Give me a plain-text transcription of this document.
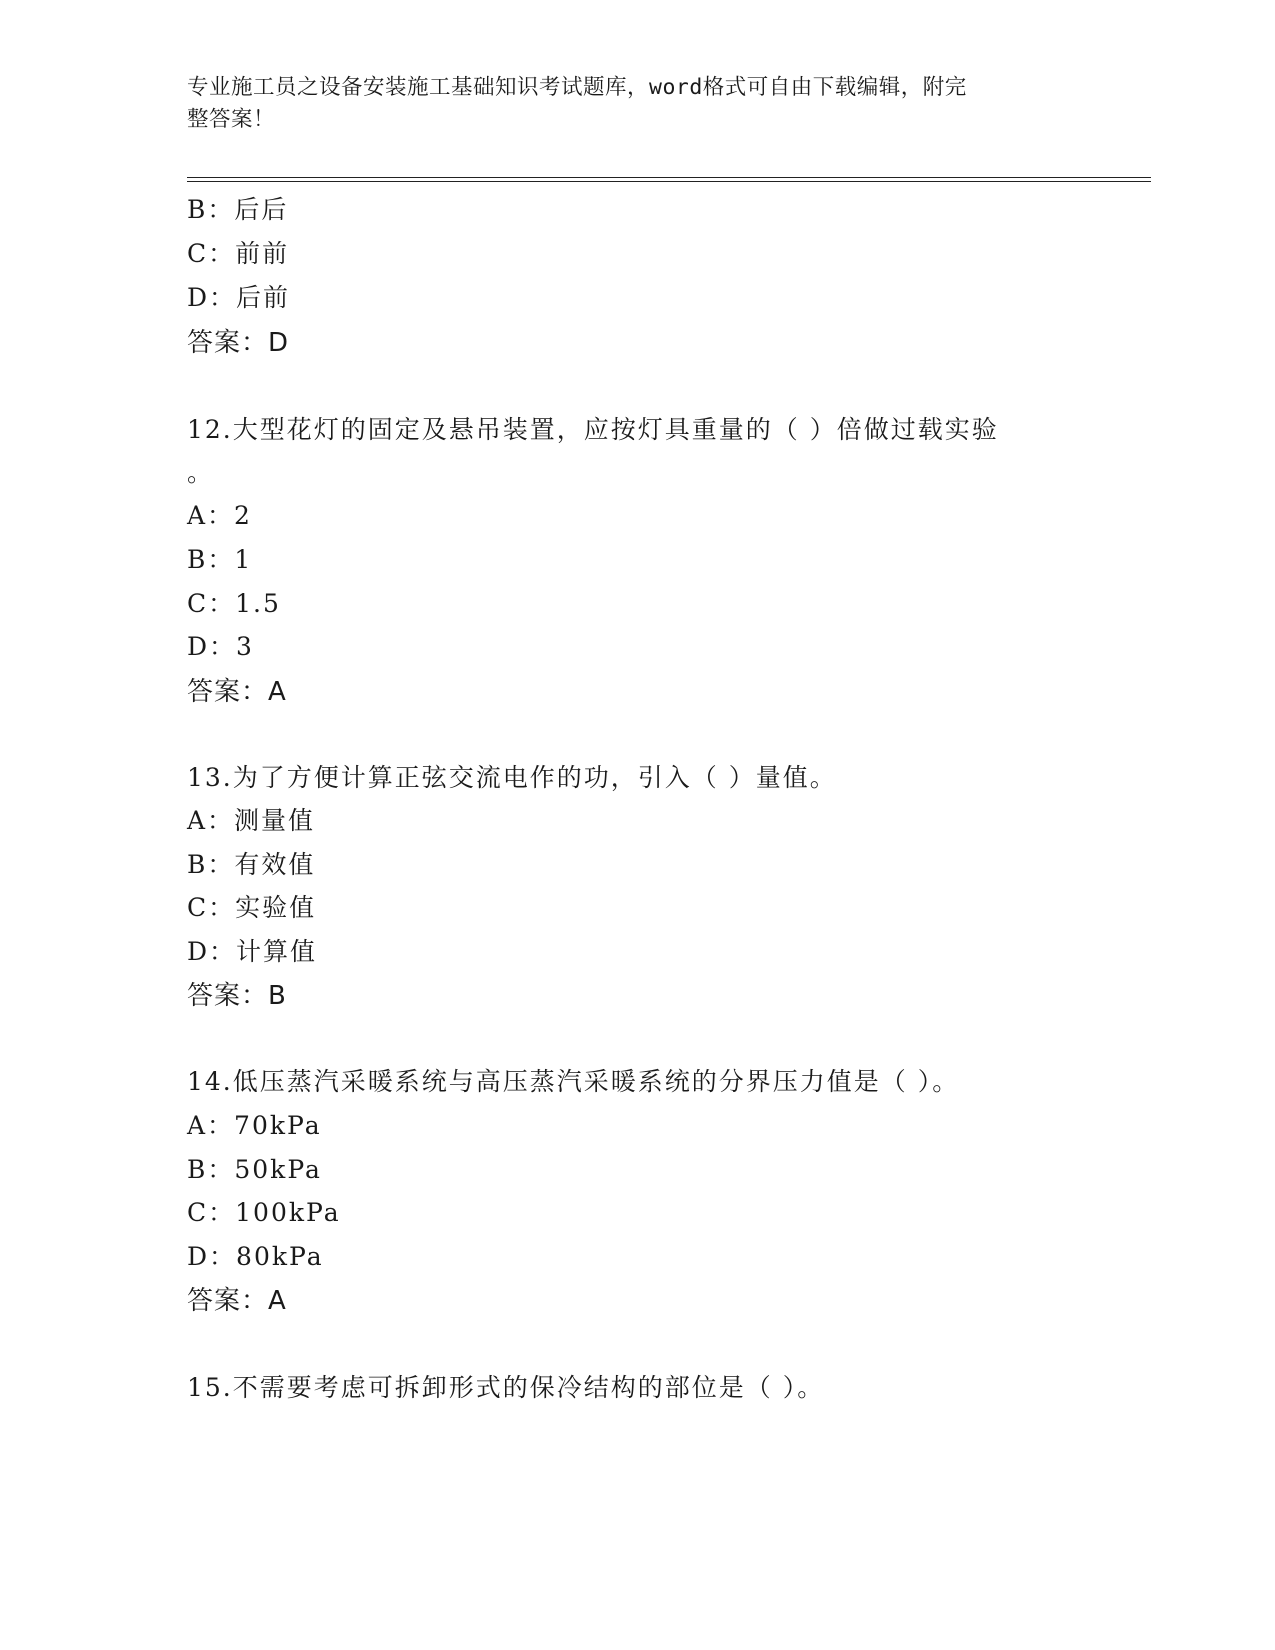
专业施工员之设备安装施工基础知识考试题库，word格式可自由下载编辑，附完
整答案！
B：后后
C：前前
D：后前
答案：D
12.大型花灯的固定及悬吊装置，应按灯具重量的（ ）倍做过载实验
。
A：2
B：1
C：1.5
D：3
答案：A
13.为了方便计算正弦交流电作的功，引入（ ）量值。
A：测量值
B：有效值
C：实验值
D：计算值
答案：B
14.低压蒸汽采暖系统与高压蒸汽采暖系统的分界压力值是（ ）。
A：70kPa
B：50kPa
C：100kPa
D：80kPa
答案：A
15.不需要考虑可拆卸形式的保冷结构的部位是（ ）。
